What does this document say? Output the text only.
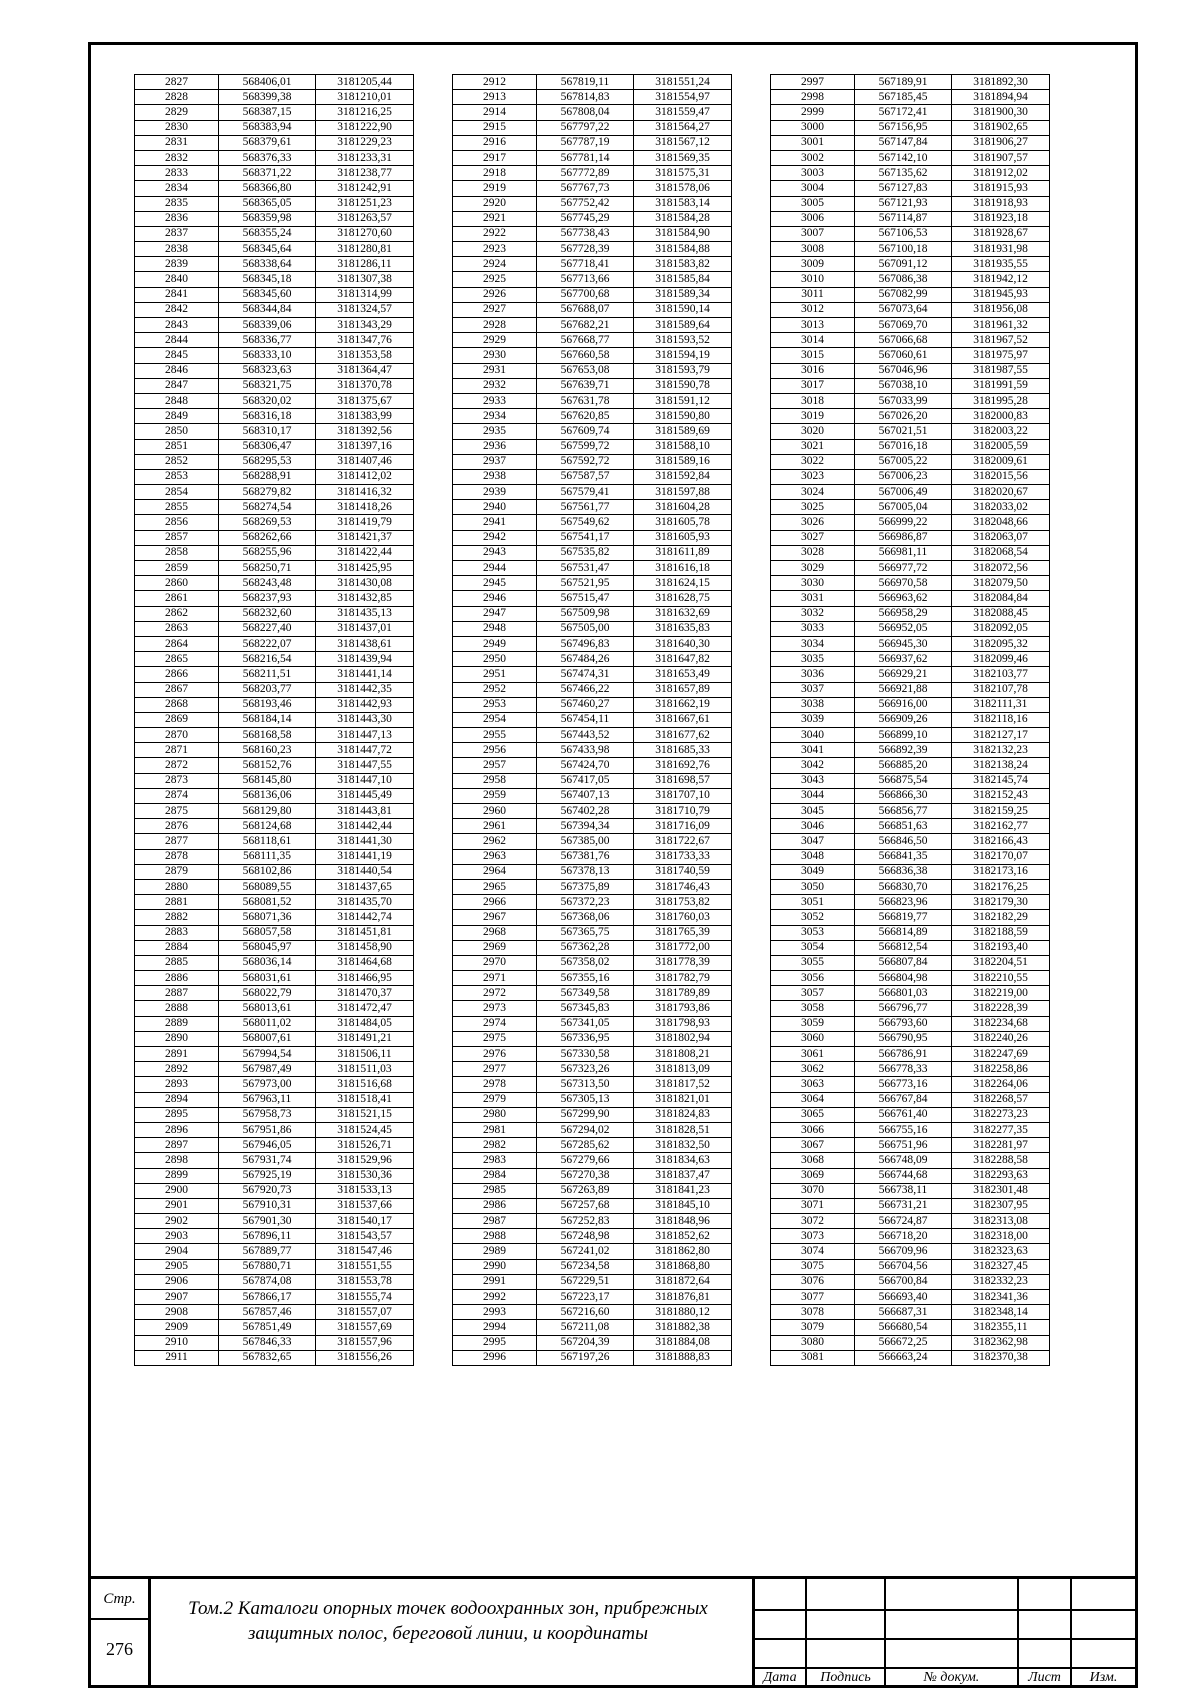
2827	568406,01	3181205,44
2828	568399,38	3181210,01
2829	568387,15	3181216,25
2830	568383,94	3181222,90
2831	568379,61	3181229,23
2832	568376,33	3181233,31
2833	568371,22	3181238,77
2834	568366,80	3181242,91
2835	568365,05	3181251,23
2836	568359,98	3181263,57
2837	568355,24	3181270,60
2838	568345,64	3181280,81
2839	568338,64	3181286,11
2840	568345,18	3181307,38
2841	568345,60	3181314,99
2842	568344,84	3181324,57
2843	568339,06	3181343,29
2844	568336,77	3181347,76
2845	568333,10	3181353,58
2846	568323,63	3181364,47
2847	568321,75	3181370,78
2848	568320,02	3181375,67
2849	568316,18	3181383,99
2850	568310,17	3181392,56
2851	568306,47	3181397,16
2852	568295,53	3181407,46
2853	568288,91	3181412,02
2854	568279,82	3181416,32
2855	568274,54	3181418,26
2856	568269,53	3181419,79
2857	568262,66	3181421,37
2858	568255,96	3181422,44
2859	568250,71	3181425,95
2860	568243,48	3181430,08
2861	568237,93	3181432,85
2862	568232,60	3181435,13
2863	568227,40	3181437,01
2864	568222,07	3181438,61
2865	568216,54	3181439,94
2866	568211,51	3181441,14
2867	568203,77	3181442,35
2868	568193,46	3181442,93
2869	568184,14	3181443,30
2870	568168,58	3181447,13
2871	568160,23	3181447,72
2872	568152,76	3181447,55
2873	568145,80	3181447,10
2874	568136,06	3181445,49
2875	568129,80	3181443,81
2876	568124,68	3181442,44
2877	568118,61	3181441,30
2878	568111,35	3181441,19
2879	568102,86	3181440,54
2880	568089,55	3181437,65
2881	568081,52	3181435,70
2882	568071,36	3181442,74
2883	568057,58	3181451,81
2884	568045,97	3181458,90
2885	568036,14	3181464,68
2886	568031,61	3181466,95
2887	568022,79	3181470,37
2888	568013,61	3181472,47
2889	568011,02	3181484,05
2890	568007,61	3181491,21
2891	567994,54	3181506,11
2892	567987,49	3181511,03
2893	567973,00	3181516,68
2894	567963,11	3181518,41
2895	567958,73	3181521,15
2896	567951,86	3181524,45
2897	567946,05	3181526,71
2898	567931,74	3181529,96
2899	567925,19	3181530,36
2900	567920,73	3181533,13
2901	567910,31	3181537,66
2902	567901,30	3181540,17
2903	567896,11	3181543,57
2904	567889,77	3181547,46
2905	567880,71	3181551,55
2906	567874,08	3181553,78
2907	567866,17	3181555,74
2908	567857,46	3181557,07
2909	567851,49	3181557,69
2910	567846,33	3181557,96
2911	567832,65	3181556,26
2912	567819,11	3181551,24
2913	567814,83	3181554,97
2914	567808,04	3181559,47
2915	567797,22	3181564,27
2916	567787,19	3181567,12
2917	567781,14	3181569,35
2918	567772,89	3181575,31
2919	567767,73	3181578,06
2920	567752,42	3181583,14
2921	567745,29	3181584,28
2922	567738,43	3181584,90
2923	567728,39	3181584,88
2924	567718,41	3181583,82
2925	567713,66	3181585,84
2926	567700,68	3181589,34
2927	567688,07	3181590,14
2928	567682,21	3181589,64
2929	567668,77	3181593,52
2930	567660,58	3181594,19
2931	567653,08	3181593,79
2932	567639,71	3181590,78
2933	567631,78	3181591,12
2934	567620,85	3181590,80
2935	567609,74	3181589,69
2936	567599,72	3181588,10
2937	567592,72	3181589,16
2938	567587,57	3181592,84
2939	567579,41	3181597,88
2940	567561,77	3181604,28
2941	567549,62	3181605,78
2942	567541,17	3181605,93
2943	567535,82	3181611,89
2944	567531,47	3181616,18
2945	567521,95	3181624,15
2946	567515,47	3181628,75
2947	567509,98	3181632,69
2948	567505,00	3181635,83
2949	567496,83	3181640,30
2950	567484,26	3181647,82
2951	567474,31	3181653,49
2952	567466,22	3181657,89
2953	567460,27	3181662,19
2954	567454,11	3181667,61
2955	567443,52	3181677,62
2956	567433,98	3181685,33
2957	567424,70	3181692,76
2958	567417,05	3181698,57
2959	567407,13	3181707,10
2960	567402,28	3181710,79
2961	567394,34	3181716,09
2962	567385,00	3181722,67
2963	567381,76	3181733,33
2964	567378,13	3181740,59
2965	567375,89	3181746,43
2966	567372,23	3181753,82
2967	567368,06	3181760,03
2968	567365,75	3181765,39
2969	567362,28	3181772,00
2970	567358,02	3181778,39
2971	567355,16	3181782,79
2972	567349,58	3181789,89
2973	567345,83	3181793,86
2974	567341,05	3181798,93
2975	567336,95	3181802,94
2976	567330,58	3181808,21
2977	567323,26	3181813,09
2978	567313,50	3181817,52
2979	567305,13	3181821,01
2980	567299,90	3181824,83
2981	567294,02	3181828,51
2982	567285,62	3181832,50
2983	567279,66	3181834,63
2984	567270,38	3181837,47
2985	567263,89	3181841,23
2986	567257,68	3181845,10
2987	567252,83	3181848,96
2988	567248,98	3181852,62
2989	567241,02	3181862,80
2990	567234,58	3181868,80
2991	567229,51	3181872,64
2992	567223,17	3181876,81
2993	567216,60	3181880,12
2994	567211,08	3181882,38
2995	567204,39	3181884,08
2996	567197,26	3181888,83
2997	567189,91	3181892,30
2998	567185,45	3181894,94
2999	567172,41	3181900,30
3000	567156,95	3181902,65
3001	567147,84	3181906,27
3002	567142,10	3181907,57
3003	567135,62	3181912,02
3004	567127,83	3181915,93
3005	567121,93	3181918,93
3006	567114,87	3181923,18
3007	567106,53	3181928,67
3008	567100,18	3181931,98
3009	567091,12	3181935,55
3010	567086,38	3181942,12
3011	567082,99	3181945,93
3012	567073,64	3181956,08
3013	567069,70	3181961,32
3014	567066,68	3181967,52
3015	567060,61	3181975,97
3016	567046,96	3181987,55
3017	567038,10	3181991,59
3018	567033,99	3181995,28
3019	567026,20	3182000,83
3020	567021,51	3182003,22
3021	567016,18	3182005,59
3022	567005,22	3182009,61
3023	567006,23	3182015,56
3024	567006,49	3182020,67
3025	567005,04	3182033,02
3026	566999,22	3182048,66
3027	566986,87	3182063,07
3028	566981,11	3182068,54
3029	566977,72	3182072,56
3030	566970,58	3182079,50
3031	566963,62	3182084,84
3032	566958,29	3182088,45
3033	566952,05	3182092,05
3034	566945,30	3182095,32
3035	566937,62	3182099,46
3036	566929,21	3182103,77
3037	566921,88	3182107,78
3038	566916,00	3182111,31
3039	566909,26	3182118,16
3040	566899,10	3182127,17
3041	566892,39	3182132,23
3042	566885,20	3182138,24
3043	566875,54	3182145,74
3044	566866,30	3182152,43
3045	566856,77	3182159,25
3046	566851,63	3182162,77
3047	566846,50	3182166,43
3048	566841,35	3182170,07
3049	566836,38	3182173,16
3050	566830,70	3182176,25
3051	566823,96	3182179,30
3052	566819,77	3182182,29
3053	566814,89	3182188,59
3054	566812,54	3182193,40
3055	566807,84	3182204,51
3056	566804,98	3182210,55
3057	566801,03	3182219,00
3058	566796,77	3182228,39
3059	566793,60	3182234,68
3060	566790,95	3182240,26
3061	566786,91	3182247,69
3062	566778,33	3182258,86
3063	566773,16	3182264,06
3064	566767,84	3182268,57
3065	566761,40	3182273,23
3066	566755,16	3182277,35
3067	566751,96	3182281,97
3068	566748,09	3182288,58
3069	566744,68	3182293,63
3070	566738,11	3182301,48
3071	566731,21	3182307,95
3072	566724,87	3182313,08
3073	566718,20	3182318,00
3074	566709,96	3182323,63
3075	566704,56	3182327,45
3076	566700,84	3182332,23
3077	566693,40	3182341,36
3078	566687,31	3182348,14
3079	566680,54	3182355,11
3080	566672,25	3182362,98
3081	566663,24	3182370,38
Стр.
276
Том.2 Каталоги опорных точек водоохранных зон, прибрежных
защитных полос, береговой линии, и координаты
Дата	Подпись	№ докум.	Лист	Изм.
